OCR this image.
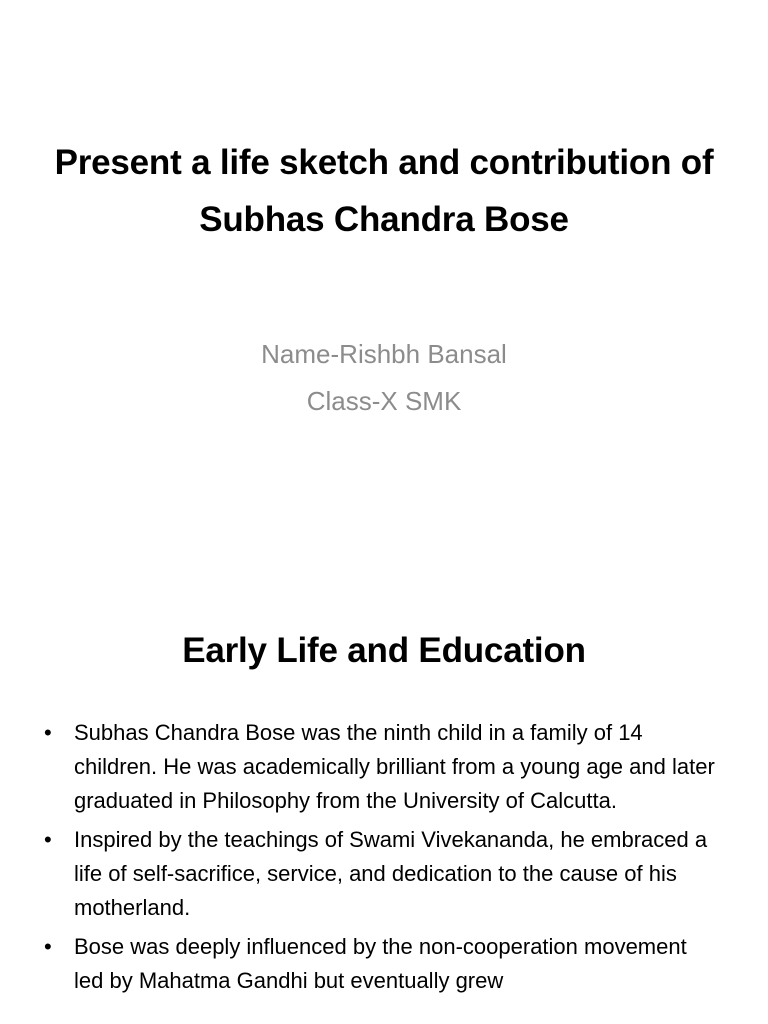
Present a life sketch and contribution of Subhas Chandra Bose
Name-Rishbh Bansal
Class-X SMK
Early Life and Education
• Subhas Chandra Bose was the ninth child in a family of 14 children. He was academically brilliant from a young age and later graduated in Philosophy from the University of Calcutta.
• Inspired by the teachings of Swami Vivekananda, he embraced a life of self-sacrifice, service, and dedication to the cause of his motherland.
• Bose was deeply influenced by the non-cooperation movement led by Mahatma Gandhi but eventually grew
